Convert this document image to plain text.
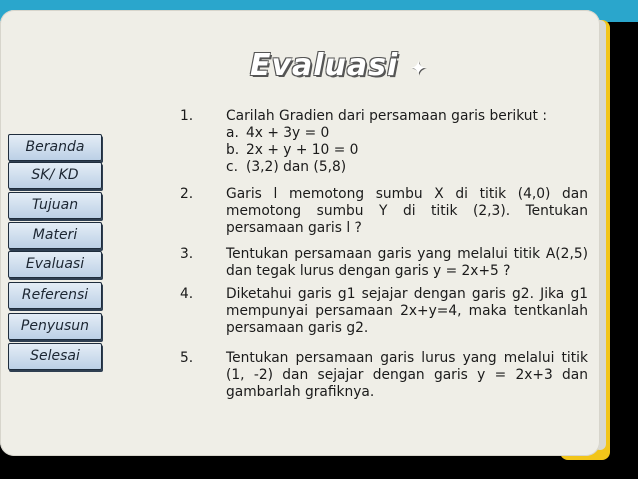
Evaluasi ✦
Beranda
SK/ KD
Tujuan
Materi
Evaluasi
Referensi
Penyusun
Selesai
1.	Carilah Gradien dari persamaan garis berikut :
a. 4x + 3y = 0
b. 2x + y + 10 = 0
c. (3,2) dan (5,8)
2.	Garis l memotong sumbu X di titik (4,0) dan memotong sumbu Y di titik (2,3). Tentukan persamaan garis l ?
3.	Tentukan persamaan garis yang melalui titik A(2,5) dan tegak lurus dengan garis y = 2x+5 ?
4.	Diketahui garis g1 sejajar dengan garis g2. Jika g1 mempunyai persamaan 2x+y=4, maka tentkanlah persamaan garis g2.
5.	Tentukan persamaan garis lurus yang melalui titik (1, -2) dan sejajar dengan garis y = 2x+3 dan gambarlah grafiknya.
